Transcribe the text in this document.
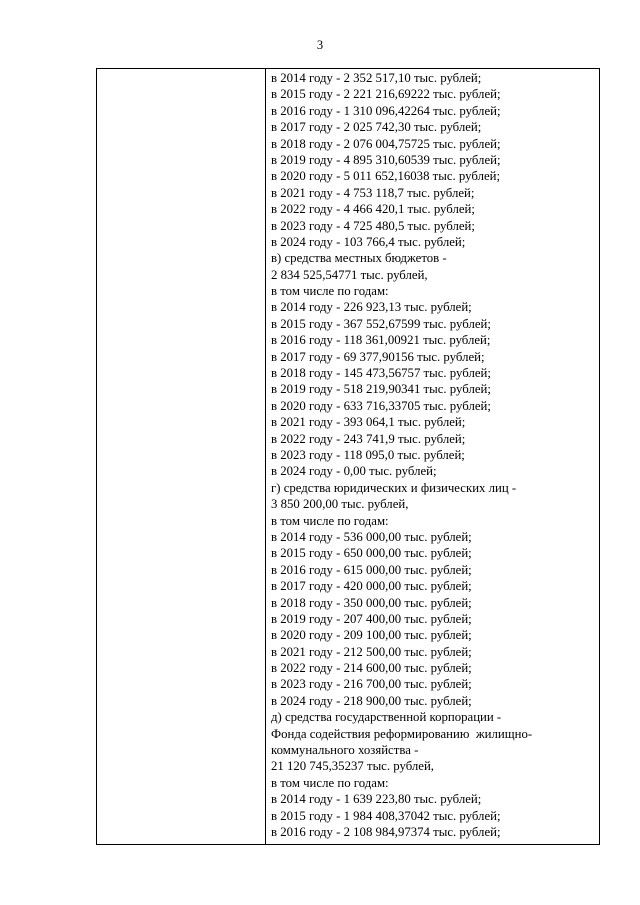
3
в 2014 году - 2 352 517,10 тыс. рублей;
в 2015 году - 2 221 216,69222 тыс. рублей;
в 2016 году - 1 310 096,42264 тыс. рублей;
в 2017 году - 2 025 742,30 тыс. рублей;
в 2018 году - 2 076 004,75725 тыс. рублей;
в 2019 году - 4 895 310,60539 тыс. рублей;
в 2020 году - 5 011 652,16038 тыс. рублей;
в 2021 году - 4 753 118,7 тыс. рублей;
в 2022 году - 4 466 420,1 тыс. рублей;
в 2023 году - 4 725 480,5 тыс. рублей;
в 2024 году - 103 766,4 тыс. рублей;
в) средства местных бюджетов -
2 834 525,54771 тыс. рублей,
в том числе по годам:
в 2014 году - 226 923,13 тыс. рублей;
в 2015 году - 367 552,67599 тыс. рублей;
в 2016 году - 118 361,00921 тыс. рублей;
в 2017 году - 69 377,90156 тыс. рублей;
в 2018 году - 145 473,56757 тыс. рублей;
в 2019 году - 518 219,90341 тыс. рублей;
в 2020 году - 633 716,33705 тыс. рублей;
в 2021 году - 393 064,1 тыс. рублей;
в 2022 году - 243 741,9 тыс. рублей;
в 2023 году - 118 095,0 тыс. рублей;
в 2024 году - 0,00 тыс. рублей;
г) средства юридических и физических лиц -
3 850 200,00 тыс. рублей,
в том числе по годам:
в 2014 году - 536 000,00 тыс. рублей;
в 2015 году - 650 000,00 тыс. рублей;
в 2016 году - 615 000,00 тыс. рублей;
в 2017 году - 420 000,00 тыс. рублей;
в 2018 году - 350 000,00 тыс. рублей;
в 2019 году - 207 400,00 тыс. рублей;
в 2020 году - 209 100,00 тыс. рублей;
в 2021 году - 212 500,00 тыс. рублей;
в 2022 году - 214 600,00 тыс. рублей;
в 2023 году - 216 700,00 тыс. рублей;
в 2024 году - 218 900,00 тыс. рублей;
д) средства государственной корпорации -
Фонда содействия реформированию  жилищно-
коммунального хозяйства -
21 120 745,35237 тыс. рублей,
в том числе по годам:
в 2014 году - 1 639 223,80 тыс. рублей;
в 2015 году - 1 984 408,37042 тыс. рублей;
в 2016 году - 2 108 984,97374 тыс. рублей;
